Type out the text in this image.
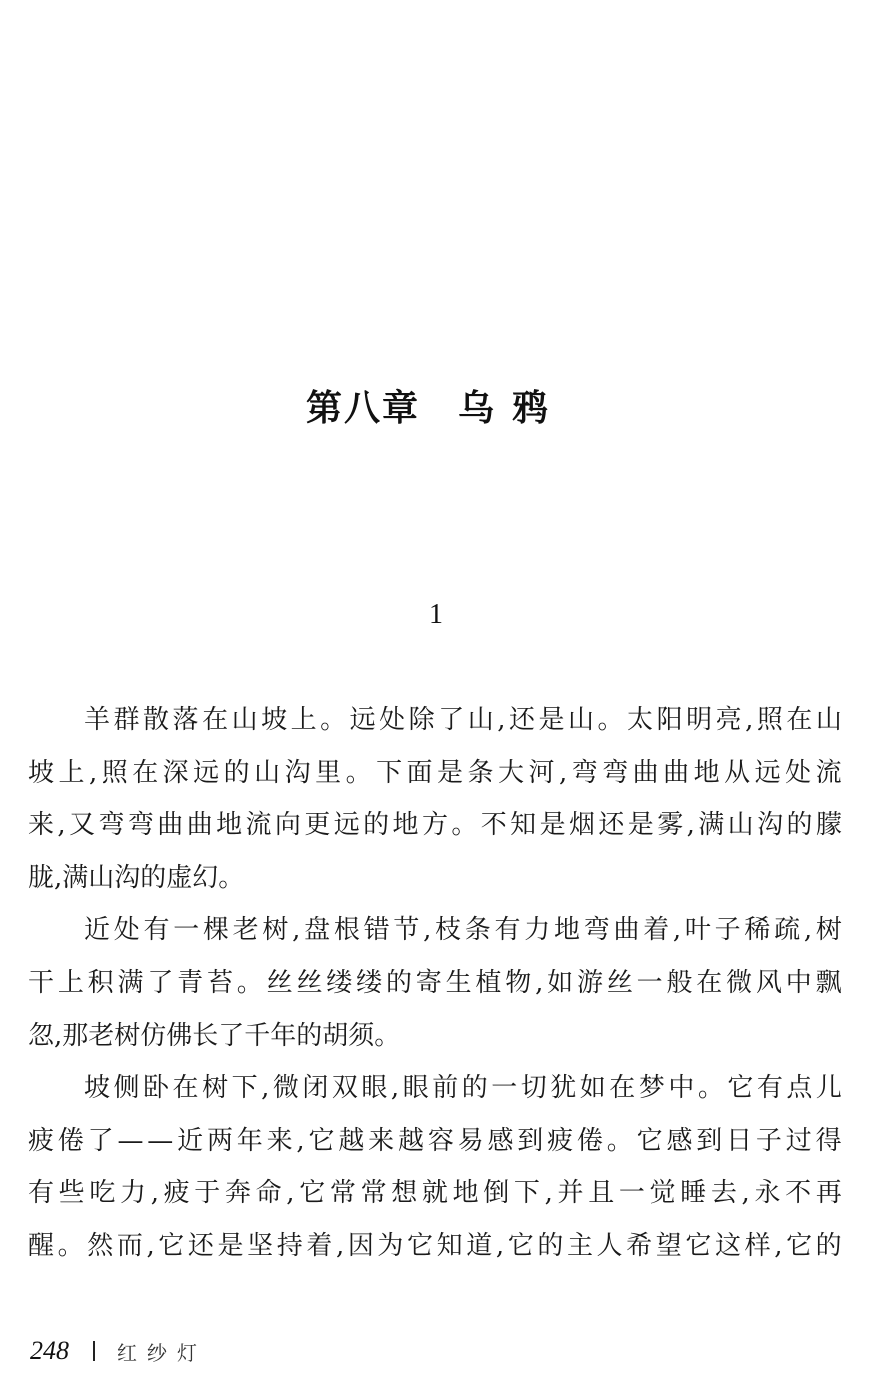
第八章 乌鸦
1
羊 群 散 落 在 山 坡 上 。 远 处 除 了 山 , 还 是 山 。 太 阳 明 亮 , 照 在 山
坡 上 , 照 在 深 远 的 山 沟 里 。 下 面 是 条 大 河 , 弯 弯 曲 曲 地 从 远 处 流
来 , 又 弯 弯 曲 曲 地 流 向 更 远 的 地 方 。 不 知 是 烟 还 是 雾 , 满 山 沟 的 朦
胧,满山沟的虚幻。
近 处 有 一 棵 老 树 , 盘 根 错 节 , 枝 条 有 力 地 弯 曲 着 , 叶 子 稀 疏 , 树
干 上 积 满 了 青 苔 。 丝 丝 缕 缕 的 寄 生 植 物 , 如 游 丝 一 般 在 微 风 中 飘
忽,那老树仿佛长了千年的胡须。
坡 侧 卧 在 树 下 , 微 闭 双 眼 , 眼 前 的 一 切 犹 如 在 梦 中 。 它 有 点 儿
疲 倦 了 — — 近 两 年 来 , 它 越 来 越 容 易 感 到 疲 倦 。 它 感 到 日 子 过 得
有 些 吃 力 , 疲 于 奔 命 , 它 常 常 想 就 地 倒 下 , 并 且 一 觉 睡 去 , 永 不 再
醒 。 然 而 , 它 还 是 坚 持 着 , 因 为 它 知 道 , 它 的 主 人 希 望 它 这 样 , 它 的
248 红纱灯
